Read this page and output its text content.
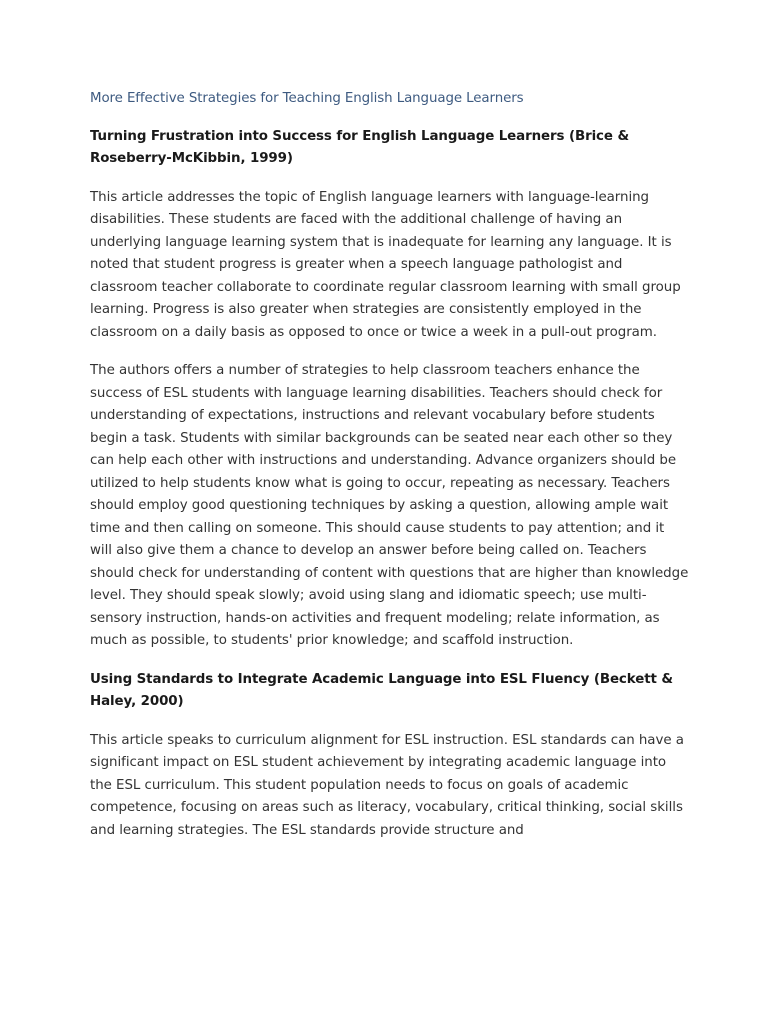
More Effective Strategies for Teaching English Language Learners
Turning Frustration into Success for English Language Learners (Brice & Roseberry-McKibbin, 1999)

This article addresses the topic of English language learners with language-learning disabilities. These students are faced with the additional challenge of having an underlying language learning system that is inadequate for learning any language. It is noted that student progress is greater when a speech language pathologist and classroom teacher collaborate to coordinate regular classroom learning with small group learning. Progress is also greater when strategies are consistently employed in the classroom on a daily basis as opposed to once or twice a week in a pull-out program.

The authors offers a number of strategies to help classroom teachers enhance the success of ESL students with language learning disabilities. Teachers should check for understanding of expectations, instructions and relevant vocabulary before students begin a task. Students with similar backgrounds can be seated near each other so they can help each other with instructions and understanding. Advance organizers should be utilized to help students know what is going to occur, repeating as necessary. Teachers should employ good questioning techniques by asking a question, allowing ample wait time and then calling on someone. This should cause students to pay attention; and it will also give them a chance to develop an answer before being called on. Teachers should check for understanding of content with questions that are higher than knowledge level. They should speak slowly; avoid using slang and idiomatic speech; use multi-sensory instruction, hands-on activities and frequent modeling; relate information, as much as possible, to students' prior knowledge; and scaffold instruction.

Using Standards to Integrate Academic Language into ESL Fluency (Beckett & Haley, 2000)

This article speaks to curriculum alignment for ESL instruction. ESL standards can have a significant impact on ESL student achievement by integrating academic language into the ESL curriculum. This student population needs to focus on goals of academic competence, focusing on areas such as literacy, vocabulary, critical thinking, social skills and learning strategies. The ESL standards provide structure and
